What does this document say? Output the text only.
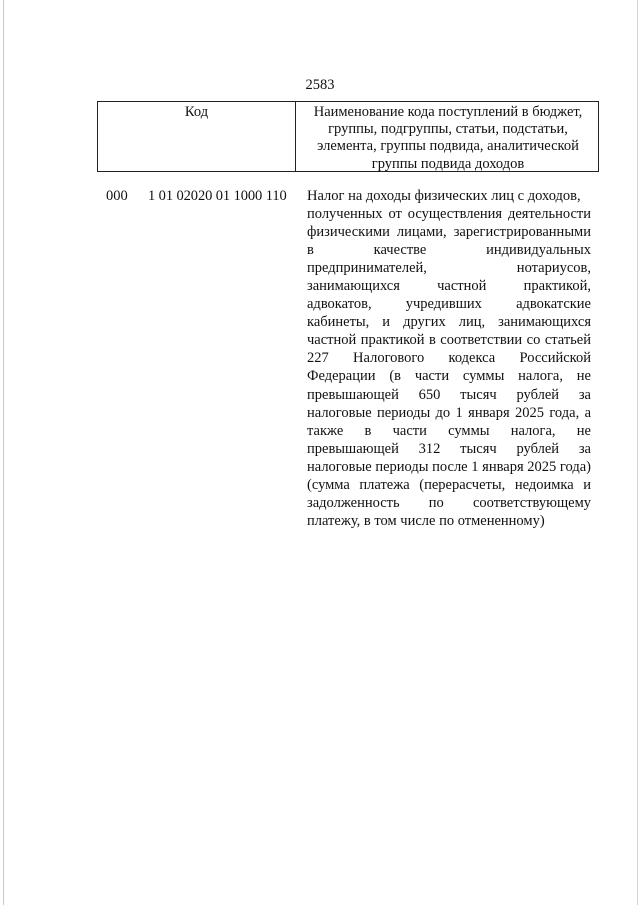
2583
Код	Наименование кода поступлений в бюджет,
группы, подгруппы, статьи, подстатьи,
элемента, группы подвида, аналитической
группы подвида доходов
000 1 01 02020 01 1000 110 Налог на доходы физических лиц с доходов,
полученных от осуществления деятельности
физическими лицами, зарегистрированными
в качестве индивидуальных
предпринимателей, нотариусов,
занимающихся частной практикой,
адвокатов, учредивших адвокатские
кабинеты, и других лиц, занимающихся
частной практикой в соответствии со статьей
227 Налогового кодекса Российской
Федерации (в части суммы налога, не
превышающей 650 тысяч рублей за
налоговые периоды до 1 января 2025 года, а
также в части суммы налога, не
превышающей 312 тысяч рублей за
налоговые периоды после 1 января 2025 года)
(сумма платежа (перерасчеты, недоимка и
задолженность по соответствующему
платежу, в том числе по отмененному)
